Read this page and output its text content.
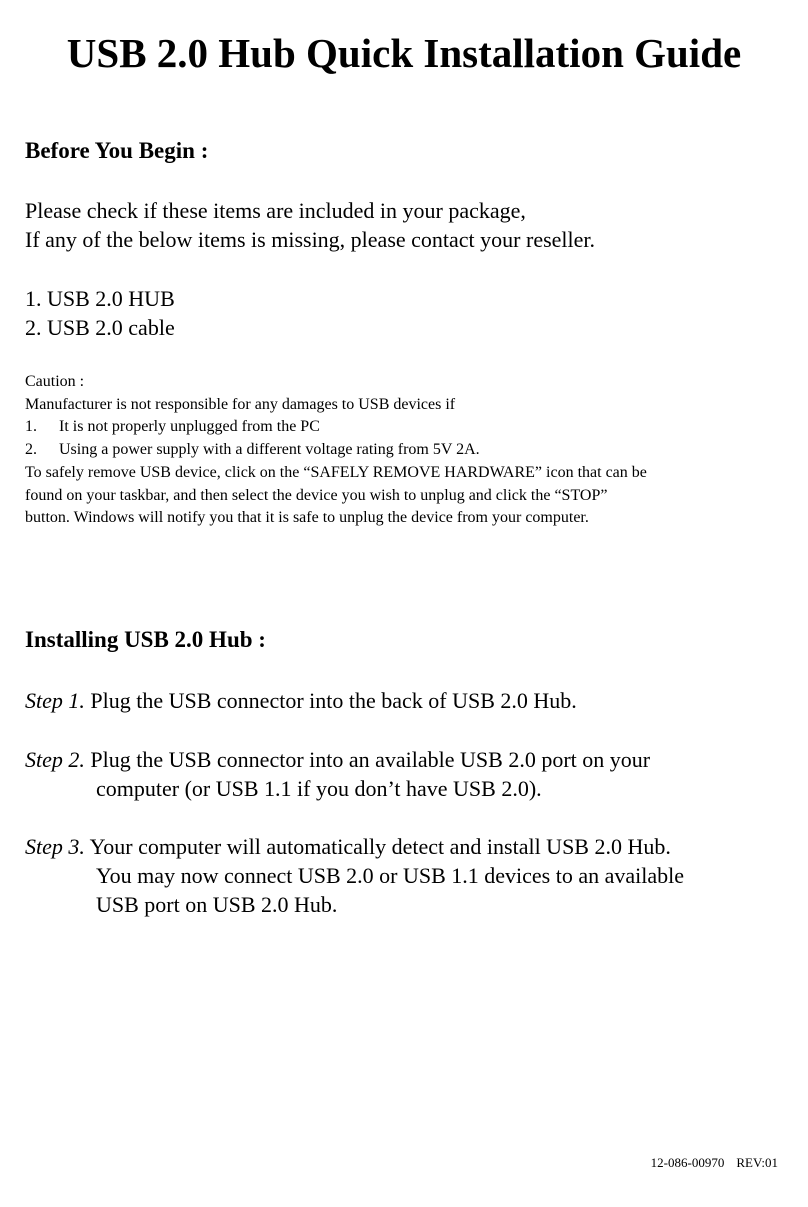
USB 2.0 Hub Quick Installation Guide
Before You Begin :

Please check if these items are included in your package,
If any of the below items is missing, please contact your reseller.

1. USB 2.0 HUB
2. USB 2.0 cable

Caution :
Manufacturer is not responsible for any damages to USB devices if
1. It is not properly unplugged from the PC
2. Using a power supply with a different voltage rating from 5V 2A.
To safely remove USB device, click on the “SAFELY REMOVE HARDWARE” icon that can be
found on your taskbar, and then select the device you wish to unplug and click the “STOP”
button. Windows will notify you that it is safe to unplug the device from your computer.
Installing USB 2.0 Hub :
Step 1. Plug the USB connector into the back of USB 2.0 Hub.
Step 2. Plug the USB connector into an available USB 2.0 port on your
computer (or USB 1.1 if you don’t have USB 2.0).
Step 3. Your computer will automatically detect and install USB 2.0 Hub.
You may now connect USB 2.0 or USB 1.1 devices to an available
USB port on USB 2.0 Hub.
12-086-00970 REV:01
